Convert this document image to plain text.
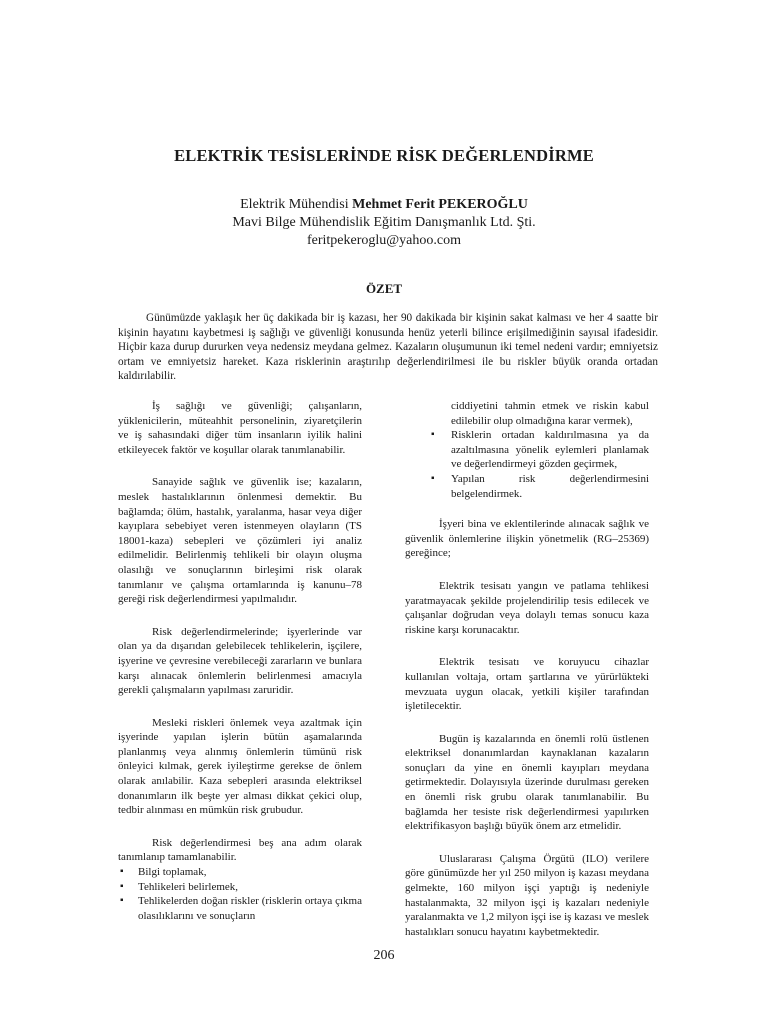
ELEKTRİK TESİSLERİNDE RİSK DEĞERLENDİRME
Elektrik Mühendisi Mehmet Ferit PEKEROĞLU
Mavi Bilge Mühendislik Eğitim Danışmanlık Ltd. Şti.
feritpekeroglu@yahoo.com
ÖZET

Günümüzde yaklaşık her üç dakikada bir iş kazası, her 90 dakikada bir kişinin sakat kalması ve her 4 saatte bir kişinin hayatını kaybetmesi iş sağlığı ve güvenliği konusunda henüz yeterli bilince erişilmediğinin sayısal ifadesidir. Hiçbir kaza durup dururken veya nedensiz meydana gelmez. Kazaların oluşumunun iki temel nedeni vardır; emniyetsiz ortam ve emniyetsiz hareket. Kaza risklerinin araştırılıp değerlendirilmesi ile bu riskler büyük oranda ortadan kaldırılabilir.

İş sağlığı ve güvenliği; çalışanların, yüklenicilerin, müteahhit personelinin, ziyaretçilerin ve iş sahasındaki diğer tüm insanların iyilik halini etkileyecek faktör ve koşullar olarak tanımlanabilir.

Sanayide sağlık ve güvenlik ise; kazaların, meslek hastalıklarının önlenmesi demektir. Bu bağlamda; ölüm, hastalık, yaralanma, hasar veya diğer kayıplara sebebiyet veren istenmeyen olayların (TS 18001-kaza) sebepleri ve çözümleri iyi analiz edilmelidir. Belirlenmiş tehlikeli bir olayın oluşma olasılığı ve sonuçlarının birleşimi risk olarak tanımlanır ve çalışma ortamlarında iş kanunu–78 gereği risk değerlendirmesi yapılmalıdır.

Risk değerlendirmelerinde; işyerlerinde var olan ya da dışarıdan gelebilecek tehlikelerin, işçilere, işyerine ve çevresine verebileceği zararların ve bunlara karşı alınacak önlemlerin belirlenmesi amacıyla gerekli çalışmaların yapılması zaruridir.

Mesleki riskleri önlemek veya azaltmak için işyerinde yapılan işlerin bütün aşamalarında planlanmış veya alınmış önlemlerin tümünü risk önleyici kılmak, gerek iyileştirme gerekse de önlem olarak anılabilir. Kaza sebepleri arasında elektriksel donanımların ilk beşte yer alması dikkat çekici olup, tedbir alınması en mümkün risk grubudur.

Risk değerlendirmesi beş ana adım olarak tanımlanıp tamamlanabilir.

▪ Bilgi toplamak,
▪ Tehlikeleri belirlemek,
▪ Tehlikelerden doğan riskler (risklerin ortaya çıkma olasılıklarını ve sonuçların

ciddiyetini tahmin etmek ve riskin kabul edilebilir olup olmadığına karar vermek),

▪ Risklerin ortadan kaldırılmasına ya da azaltılmasına yönelik eylemleri planlamak ve değerlendirmeyi gözden geçirmek,
▪ Yapılan risk değerlendirmesini belgelendirmek.

İşyeri bina ve eklentilerinde alınacak sağlık ve güvenlik önlemlerine ilişkin yönetmelik (RG–25369) gereğince;

Elektrik tesisatı yangın ve patlama tehlikesi yaratmayacak şekilde projelendirilip tesis edilecek ve çalışanlar doğrudan veya dolaylı temas sonucu kaza riskine karşı korunacaktır.

Elektrik tesisatı ve koruyucu cihazlar kullanılan voltaja, ortam şartlarına ve yürürlükteki mevzuata uygun olacak, yetkili kişiler tarafından işletilecektir.

Bugün iş kazalarında en önemli rolü üstlenen elektriksel donanımlardan kaynaklanan kazaların sonuçları da yine en önemli kayıpları meydana getirmektedir. Dolayısıyla üzerinde durulması gereken en önemli risk grubu olarak tanımlanabilir. Bu bağlamda her tesiste risk değerlendirmesi yapılırken elektrifikasyon başlığı büyük önem arz etmelidir.

Uluslararası Çalışma Örgütü (ILO) verilere göre günümüzde her yıl 250 milyon iş kazası meydana gelmekte, 160 milyon işçi yaptığı iş nedeniyle hastalanmakta, 32 milyon işçi iş kazaları nedeniyle yaralanmakta ve 1,2 milyon işçi ise iş kazası ve meslek hastalıkları sonucu hayatını kaybetmektedir.

206
